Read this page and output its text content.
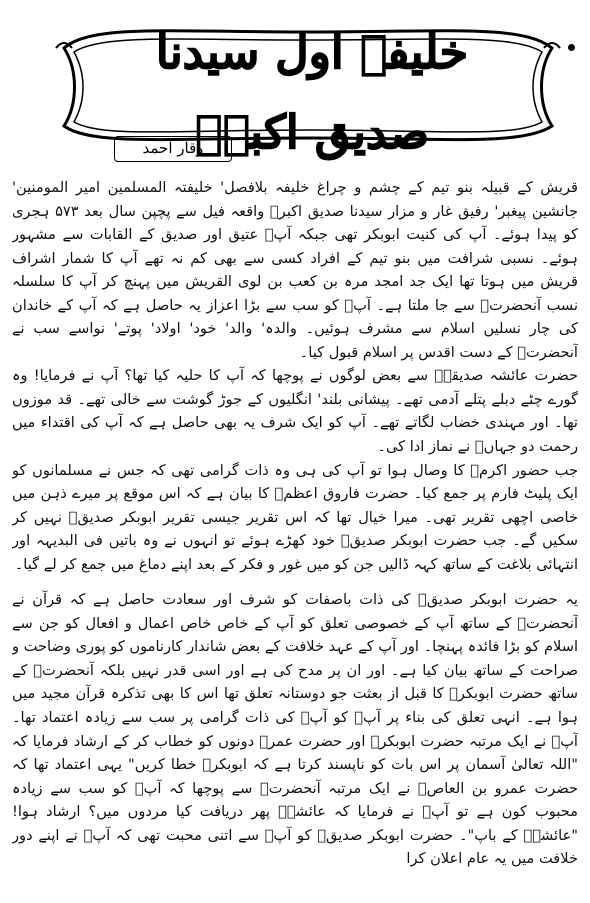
خلیفۂ اول سیدنا صدیق اکبرؓ
وقار احمد

قریش کے قبیلہ بنو تیم کے چشم و چراغ خلیفہ بلافصل' خلیفتہ المسلمین امیر المومنین' جانشین پیغبر' رفیق غار و مزار سیدنا صدیق اکبرؓ واقعہ فیل سے پچپن سال بعد ۵۷۳ ہجری کو پیدا ہوئے۔ آپ کی کنیت ابوبکر تھی جبکہ آپؓ عتیق اور صدیق کے القابات سے مشہور ہوئے۔ نسبی شرافت میں بنو تیم کے افراد کسی سے بھی کم نہ تھے آپ کا شمار اشراف قریش میں ہوتا تھا ایک جد امجد مرہ بن کعب بن لوی القریش میں پہنچ کر آپ کا سلسلہ نسب آنحضرتؐ سے جا ملتا ہے۔ آپؓ کو سب سے بڑا اعزاز یہ حاصل ہے کہ آپ کے خاندان کی چار نسلیں اسلام سے مشرف ہوئیں۔ والدہ' والد' خود' اولاد' پوتے' نواسے سب نے آنحضرتؐ کے دست اقدس پر اسلام قبول کیا۔

حضرت عائشہ صدیقہؓ سے بعض لوگوں نے پوچھا کہ آپ کا حلیہ کیا تھا؟ آپ نے فرمایا! وہ گورے چٹے دبلے پتلے آدمی تھے۔ پیشانی بلند' انگلیوں کے جوڑ گوشت سے خالی تھے۔ قد موزوں تھا۔ اور مہندی خضاب لگاتے تھے۔ آپ کو ایک شرف یہ بھی حاصل ہے کہ آپ کی اقتداء میں رحمت دو جہاںؐ نے نماز ادا کی۔

جب حضور اکرمؐ کا وصال ہوا تو آپ کی ہی وہ ذات گرامی تھی کہ جس نے مسلمانوں کو ایک پلیٹ فارم پر جمع کیا۔ حضرت فاروق اعظمؓ کا بیان ہے کہ اس موقع پر میرے ذہن میں خاصی اچھی تقریر تھی۔ میرا خیال تھا کہ اس تقریر جیسی تقریر ابوبکر صدیقؓ نہیں کر سکیں گے۔ جب حضرت ابوبکر صدیقؓ خود کھڑے ہوئے تو انہوں نے وہ باتیں فی البدیہہ اور انتہائی بلاغت کے ساتھ کہہ ڈالیں جن کو میں غور و فکر کے بعد اپنے دماغ میں جمع کر لے گیا۔

یہ حضرت ابوبکر صدیقؓ کی ذات باصفات کو شرف اور سعادت حاصل ہے کہ قرآن نے آنحضرتؐ کے ساتھ آپ کے خصوصی تعلق کو آپ کے خاص خاص اعمال و افعال کو جن سے اسلام کو بڑا فائدہ پہنچا۔ اور آپ کے عہد خلافت کے بعض شاندار کارناموں کو پوری وضاحت و صراحت کے ساتھ بیان کیا ہے۔ اور ان پر مدح کی ہے اور اسی قدر نہیں بلکہ آنحضرتؐ کے ساتھ حضرت ابوبکرؓ کا قبل از بعثت جو دوستانہ تعلق تھا اس کا بھی تذکرہ قرآن مجید میں ہوا ہے۔ انہی تعلق کی بناء پر آپؓ کو آپؐ کی ذات گرامی پر سب سے زیادہ اعتماد تھا۔ آپؐ نے ایک مرتبہ حضرت ابوبکرؓ اور حضرت عمرؓ دونوں کو خطاب کر کے ارشاد فرمایا کہ "اللہ تعالیٰ آسمان پر اس بات کو ناپسند کرتا ہے کہ ابوبکرؓ خطا کریں" یہی اعتماد تھا کہ حضرت عمرو بن العاصؓ نے ایک مرتبہ آنحضرتؐ سے پوچھا کہ آپؐ کو سب سے زیادہ محبوب کون ہے تو آپؐ نے فرمایا کہ عائشہؓ پھر دریافت کیا مردوں میں؟ ارشاد ہوا! "عائشہؓ کے باپ"۔ حضرت ابوبکر صدیقؓ کو آپؐ سے اتنی محبت تھی کہ آپؐ نے اپنے دور خلافت میں یہ عام اعلان کرا
